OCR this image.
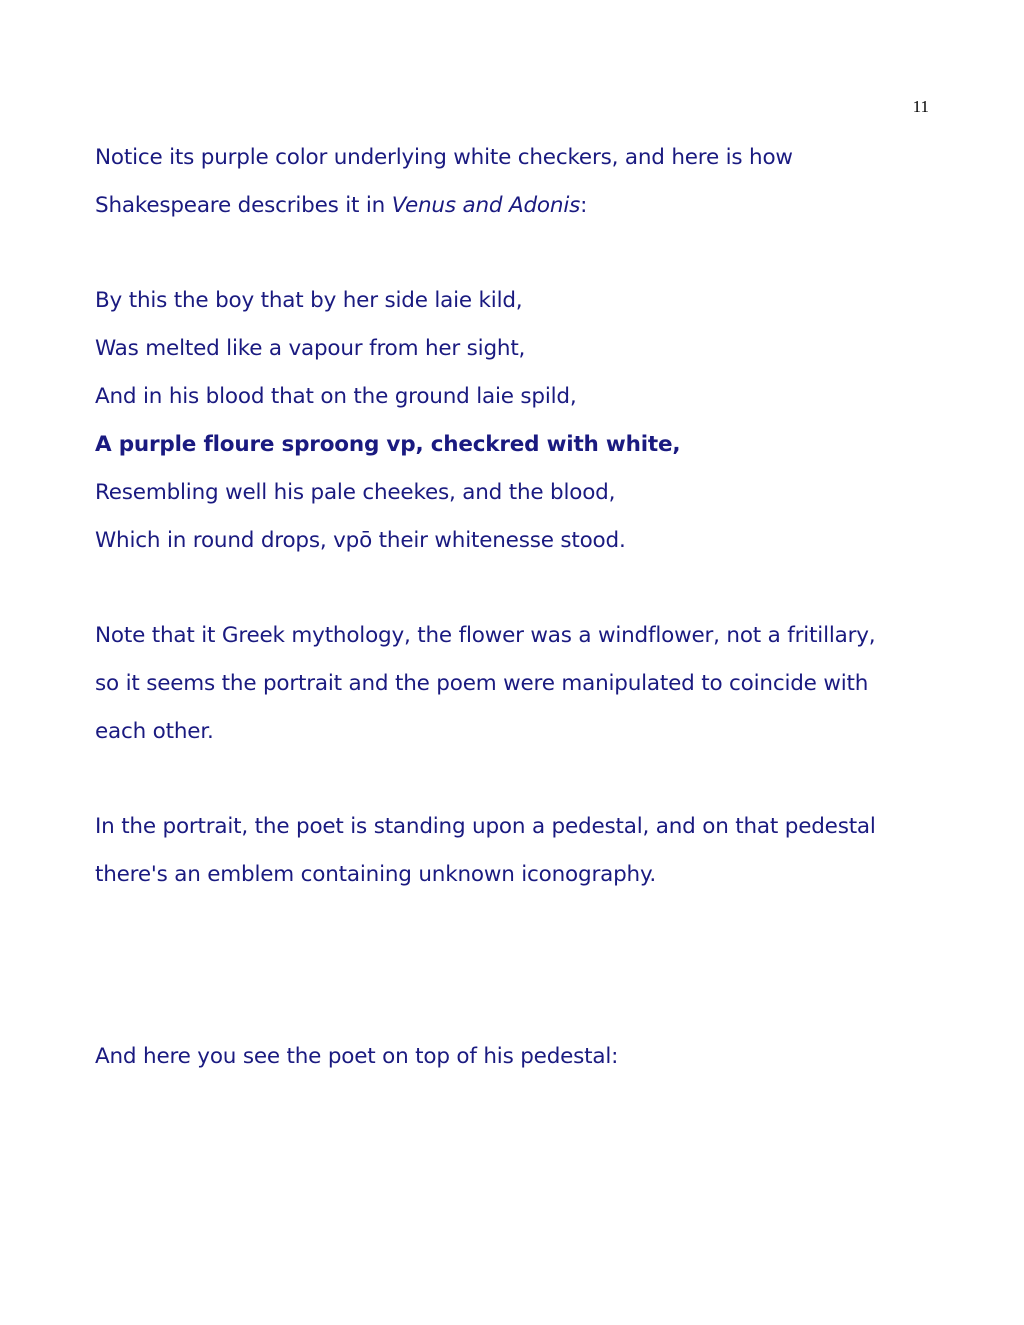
11
Notice its purple color underlying white checkers, and here is how
Shakespeare describes it in Venus and Adonis:
By this the boy that by her side laie kild,
Was melted like a vapour from her sight,
And in his blood that on the ground laie spild,
A purple floure sproong vp, checkred with white,
Resembling well his pale cheekes, and the blood,
Which in round drops, vpō their whitenesse stood.
Note that it Greek mythology, the flower was a windflower, not a fritillary,
so it seems the portrait and the poem were manipulated to coincide with
each other.
In the portrait, the poet is standing upon a pedestal, and on that pedestal
there's an emblem containing unknown iconography.
And here you see the poet on top of his pedestal:
